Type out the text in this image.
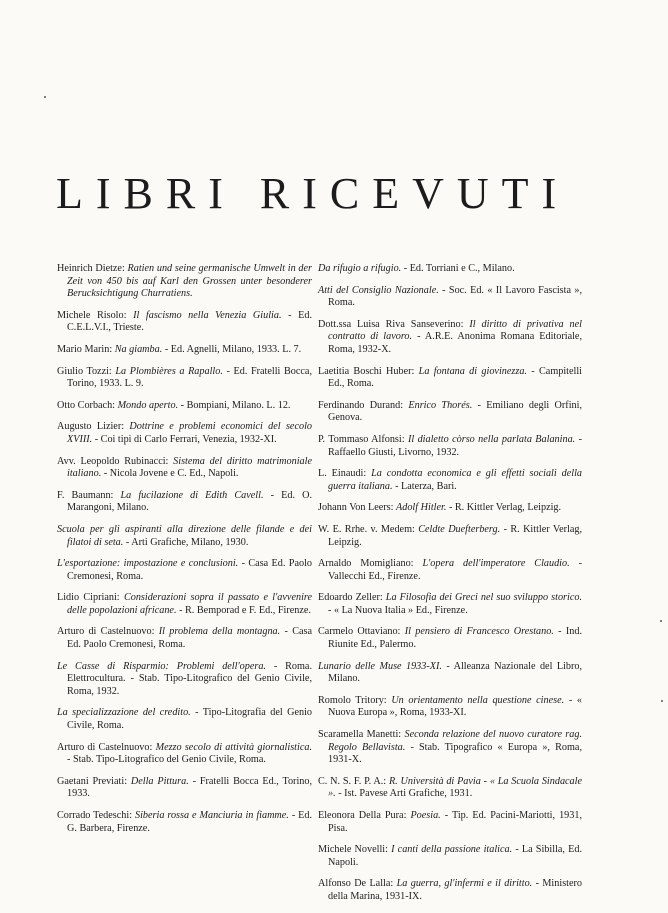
LIBRI RICEVUTI

Heinrich Dietze: Ratien und seine germanische Umwelt in der Zeit von 450 bis auf Karl den Grossen unter besonderer Berucksichtigung Churratiens.

Michele Risolo: Il fascismo nella Venezia Giulia. - Ed. C.E.L.V.I., Trieste.

Mario Marin: Na giamba. - Ed. Agnelli, Milano, 1933. L. 7.

Giulio Tozzi: La Plombières a Rapallo. - Ed. Fratelli Bocca, Torino, 1933. L. 9.

Otto Corbach: Mondo aperto. - Bompiani, Milano. L. 12.

Augusto Lizier: Dottrine e problemi economici del secolo XVIII. - Coi tipi di Carlo Ferrari, Venezia, 1932-XI.

Avv. Leopoldo Rubinacci: Sistema del diritto matrimoniale italiano. - Nicola Jovene e C. Ed., Napoli.

F. Baumann: La fucilazione di Edith Cavell. - Ed. O. Marangoni, Milano.

Scuola per gli aspiranti alla direzione delle filande e dei filatoi di seta. - Arti Grafiche, Milano, 1930.

L'esportazione: impostazione e conclusioni. - Casa Ed. Paolo Cremonesi, Roma.

Lidio Cipriani: Considerazioni sopra il passato e l'avvenire delle popolazioni africane. - R. Bemporad e F. Ed., Firenze.

Arturo di Castelnuovo: Il problema della montagna. - Casa Ed. Paolo Cremonesi, Roma.

Le Casse di Risparmio: Problemi dell'opera. - Roma. Elettrocultura. - Stab. Tipo-Litografico del Genio Civile, Roma, 1932.

La specializzazione del credito. - Tipo-Litografia del Genio Civile, Roma.

Arturo di Castelnuovo: Mezzo secolo di attività giornalistica. - Stab. Tipo-Litografico del Genio Civile, Roma.

Gaetani Previati: Della Pittura. - Fratelli Bocca Ed., Torino, 1933.

Corrado Tedeschi: Siberia rossa e Manciuria in fiamme. - Ed. G. Barbera, Firenze.

Da rifugio a rifugio. - Ed. Torriani e C., Milano.

Atti del Consiglio Nazionale. - Soc. Ed. « Il Lavoro Fascista », Roma.

Dott.ssa Luisa Riva Sanseverino: Il diritto di privativa nel contratto di lavoro. - A.R.E. Anonima Romana Editoriale, Roma, 1932-X.

Laetitia Boschi Huber: La fontana di giovinezza. - Campitelli Ed., Roma.

Ferdinando Durand: Enrico Thorés. - Emiliano degli Orfini, Genova.

P. Tommaso Alfonsi: Il dialetto còrso nella parlata Balanina. - Raffaello Giusti, Livorno, 1932.

L. Einaudi: La condotta economica e gli effetti sociali della guerra italiana. - Laterza, Bari.

Johann Von Leers: Adolf Hitler. - R. Kittler Verlag, Leipzig.

W. E. Rrhe. v. Medem: Celdte Duefterberg. - R. Kittler Verlag, Leipzig.

Arnaldo Momigliano: L'opera dell'imperatore Claudio. - Vallecchi Ed., Firenze.

Edoardo Zeller: La Filosofia dei Greci nel suo sviluppo storico. - « La Nuova Italia » Ed., Firenze.

Carmelo Ottaviano: Il pensiero di Francesco Orestano. - Ind. Riunite Ed., Palermo.

Lunario delle Muse 1933-XI. - Alleanza Nazionale del Libro, Milano.

Romolo Tritory: Un orientamento nella questione cinese. - « Nuova Europa », Roma, 1933-XI.

Scaramella Manetti: Seconda relazione del nuovo curatore rag. Regolo Bellavista. - Stab. Tipografico « Europa », Roma, 1931-X.

C. N. S. F. P. A.: R. Università di Pavia - « La Scuola Sindacale ». - Ist. Pavese Arti Grafiche, 1931.

Eleonora Della Pura: Poesia. - Tip. Ed. Pacini-Mariotti, 1931, Pisa.

Michele Novelli: I canti della passione italica. - La Sibilla, Ed. Napoli.

Alfonso De Lalla: La guerra, gl'infermi e il diritto. - Ministero della Marina, 1931-IX.
